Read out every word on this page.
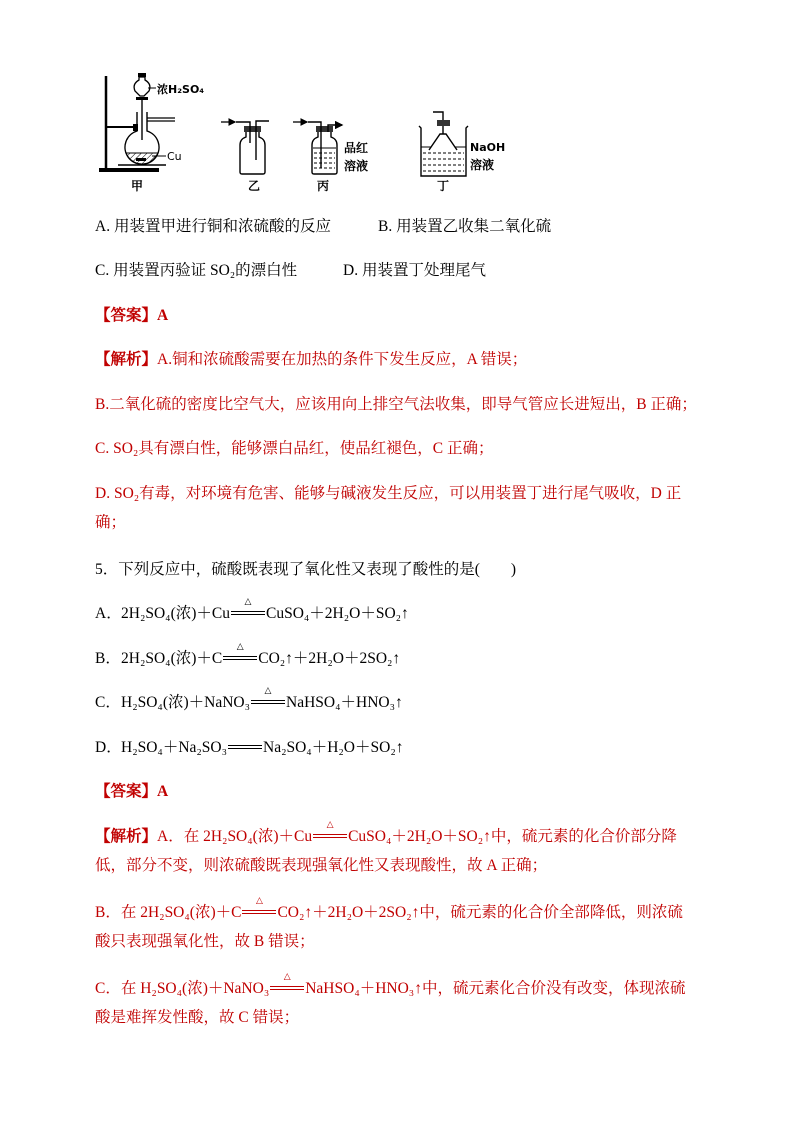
浓H₂SO₄
Cu
甲	乙
品红
溶液
丙
NaOH
溶液
丁
A. 用装置甲进行铜和浓硫酸的反应	B. 用装置乙收集二氧化硫
C. 用装置丙验证 SO₂的漂白性	D. 用装置丁处理尾气
【答案】A
【解析】A.铜和浓硫酸需要在加热的条件下发生反应，A 错误；
B.二氧化硫的密度比空气大，应该用向上排空气法收集，即导气管应长进短出，B 正确；
C. SO₂具有漂白性，能够漂白品红，使品红褪色，C 正确；
D. SO₂有毒，对环境有危害、能够与碱液发生反应，可以用装置丁进行尾气吸收，D 正
确；
5．下列反应中，硫酸既表现了氧化性又表现了酸性的是(　　)
A．2H₂SO₄(浓)＋Cu
△
CuSO₄＋2H₂O＋SO₂↑
B．2H₂SO₄(浓)＋C
△
CO₂↑＋2H₂O＋2SO₂↑
C．H₂SO₄(浓)＋NaNO₃
△
NaHSO₄＋HNO₃↑
D．H₂SO₄＋Na₂SO₃ Na₂SO₄＋H₂O＋SO₂↑
【答案】A
【解析】A．在 2H₂SO₄(浓)＋Cu
△
CuSO₄＋2H₂O＋SO₂↑中，硫元素的化合价部分降
低，部分不变，则浓硫酸既表现强氧化性又表现酸性，故 A 正确；
B．在 2H₂SO₄(浓)＋C
△
CO₂↑＋2H₂O＋2SO₂↑中，硫元素的化合价全部降低，则浓硫
酸只表现强氧化性，故 B 错误；
C．在 H₂SO₄(浓)＋NaNO₃
△
NaHSO₄＋HNO₃↑中，硫元素化合价没有改变，体现浓硫
酸是难挥发性酸，故 C 错误；
